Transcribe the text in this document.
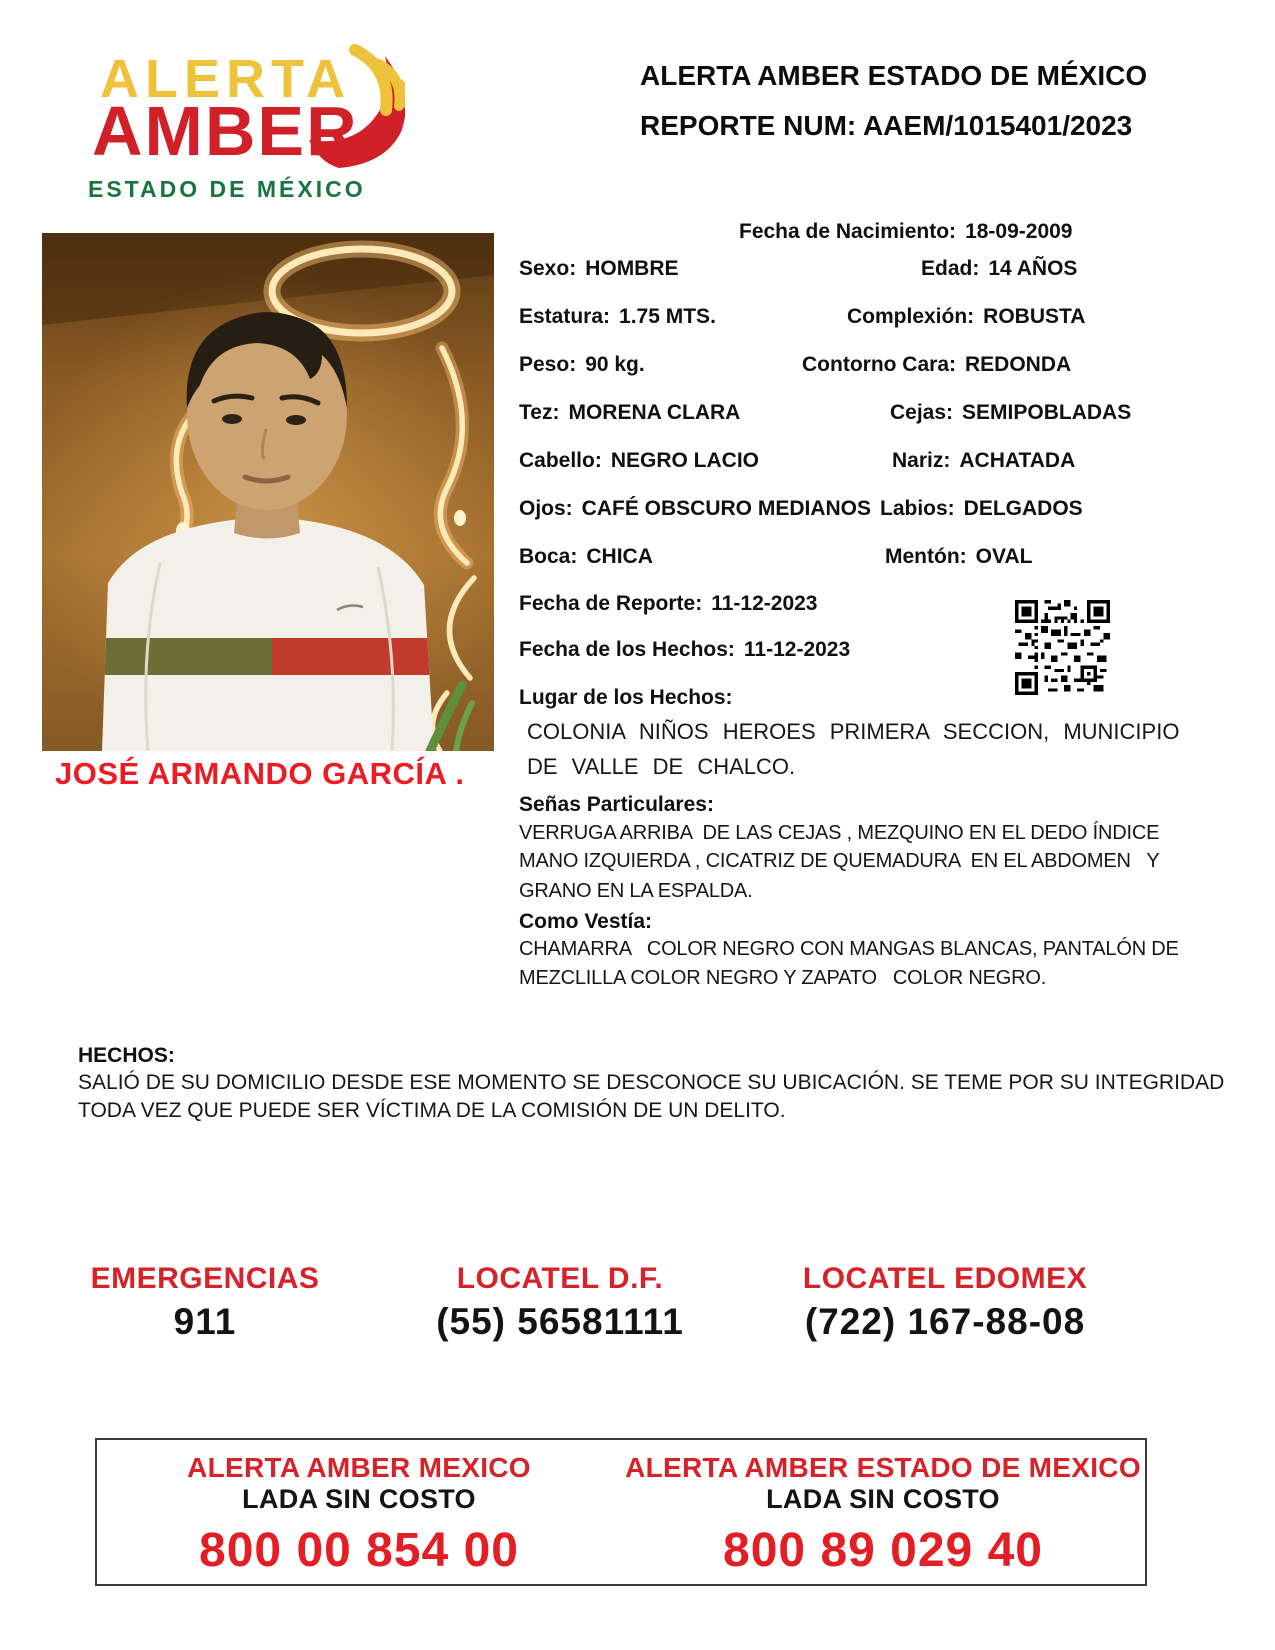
ALERTA
AMBER
ESTADO DE MÉXICO
ALERTA AMBER ESTADO DE MÉXICO
REPORTE NUM: AAEM/1015401/2023
JOSÉ ARMANDO GARCÍA .
Fecha de Nacimiento: 18-09-2009
Sexo: HOMBRE	Edad: 14 AÑOS
Estatura: 1.75 MTS.	Complexión: ROBUSTA
Peso: 90 kg.	Contorno Cara: REDONDA
Tez: MORENA CLARA	Cejas: SEMIPOBLADAS
Cabello: NEGRO LACIO	Nariz: ACHATADA
Ojos: CAFÉ OBSCURO MEDIANOS Labios: DELGADOS
Boca: CHICA	Mentón: OVAL
Fecha de Reporte: 11-12-2023
Fecha de los Hechos: 11-12-2023
Lugar de los Hechos:
COLONIA NIÑOS HEROES PRIMERA SECCION, MUNICIPIO
DE VALLE DE CHALCO.
Señas Particulares:
VERRUGA ARRIBA  DE LAS CEJAS , MEZQUINO EN EL DEDO ÍNDICE
MANO IZQUIERDA , CICATRIZ DE QUEMADURA  EN EL ABDOMEN   Y
GRANO EN LA ESPALDA.
Como Vestía:
CHAMARRA   COLOR NEGRO CON MANGAS BLANCAS, PANTALÓN DE
MEZCLILLA COLOR NEGRO Y ZAPATO   COLOR NEGRO.
HECHOS:
SALIÓ DE SU DOMICILIO DESDE ESE MOMENTO SE DESCONOCE SU UBICACIÓN. SE TEME POR SU INTEGRIDAD
TODA VEZ QUE PUEDE SER VÍCTIMA DE LA COMISIÓN DE UN DELITO.
EMERGENCIAS
911
LOCATEL D.F.
(55) 56581111
LOCATEL EDOMEX
(722) 167-88-08
ALERTA AMBER MEXICO
LADA SIN COSTO
800 00 854 00
ALERTA AMBER ESTADO DE MEXICO
LADA SIN COSTO
800 89 029 40
